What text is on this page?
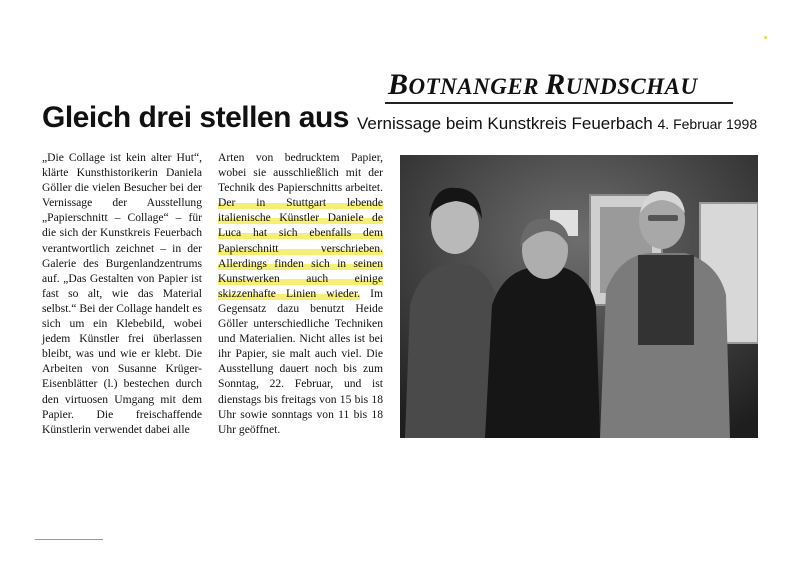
BOTNANGER RUNDSCHAU
Gleich drei stellen aus Vernissage beim Kunstkreis Feuerbach 4. Februar 1998

„Die Collage ist kein alter Hut“, klärte Kunsthistorikerin Daniela Göller die vielen Besucher bei der Vernissage der Ausstellung „Papierschnitt – Collage“ – für die sich der Kunstkreis Feuerbach verantwortlich zeichnet – in der Galerie des Burgenlandzentrums auf. „Das Gestalten von Papier ist fast so alt, wie das Material selbst.“ Bei der Collage handelt es sich um ein Klebebild, wobei jedem Künstler frei überlassen bleibt, was und wie er klebt. Die Arbeiten von Susanne Krüger-Eisenblätter (l.) bestechen durch den virtuosen Umgang mit dem Papier. Die freischaffende Künstlerin verwendet dabei alle

Arten von bedrucktem Papier, wobei sie ausschließlich mit der Technik des Papierschnitts arbeitet. Der in Stuttgart lebende italienische Künstler Daniele de Luca hat sich ebenfalls dem Papierschnitt verschrieben. Allerdings finden sich in seinen Kunstwerken auch einige skizzenhafte Linien wieder. Im Gegensatz dazu benutzt Heide Göller unterschiedliche Techniken und Materialien. Nicht alles ist bei ihr Papier, sie malt auch viel. Die Ausstellung dauert noch bis zum Sonntag, 22. Februar, und ist dienstags bis freitags von 15 bis 18 Uhr sowie sonntags von 11 bis 18 Uhr geöffnet.
